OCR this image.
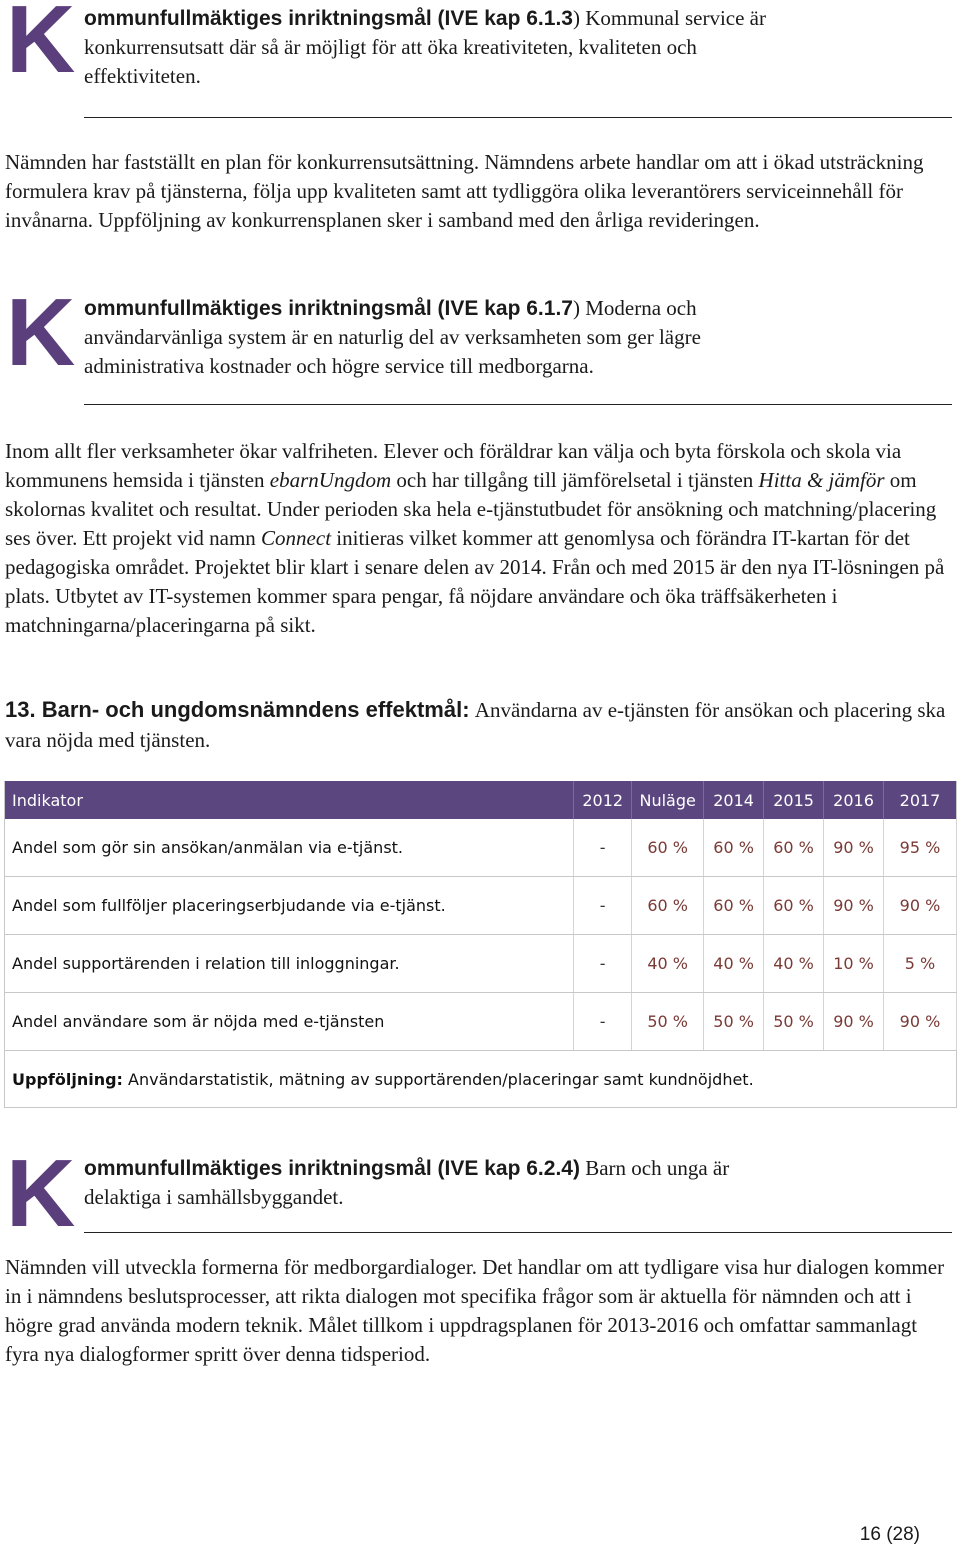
K ommunfullmäktiges inriktningsmål (IVE kap 6.1.3) Kommunal service är
konkurrensutsatt där så är möjligt för att öka kreativiteten, kvaliteten och
effektiviteten.
Nämnden har fastställt en plan för konkurrensutsättning. Nämndens arbete handlar om att i ökad utsträckning formulera krav på tjänsterna, följa upp kvaliteten samt att tydliggöra olika leverantörers serviceinnehåll för invånarna. Uppföljning av konkurrensplanen sker i samband med den årliga revideringen.
K ommunfullmäktiges inriktningsmål (IVE kap 6.1.7) Moderna och
användarvänliga system är en naturlig del av verksamheten som ger lägre
administrativa kostnader och högre service till medborgarna.
Inom allt fler verksamheter ökar valfriheten. Elever och föräldrar kan välja och byta förskola och skola via kommunens hemsida i tjänsten ebarnUngdom och har tillgång till jämförelsetal i tjänsten Hitta & jämför om skolornas kvalitet och resultat. Under perioden ska hela e-tjänstutbudet för ansökning och matchning/placering ses över. Ett projekt vid namn Connect initieras vilket kommer att genomlysa och förändra IT-kartan för det pedagogiska området. Projektet blir klart i senare delen av 2014. Från och med 2015 är den nya IT-lösningen på plats. Utbytet av IT-systemen kommer spara pengar, få nöjdare användare och öka träffsäkerheten i matchningarna/placeringarna på sikt.
13. Barn- och ungdomsnämndens effektmål: Användarna av e-tjänsten för ansökan och placering ska vara nöjda med tjänsten.
Indikator	2012	Nuläge	2014	2015	2016	2017
Andel som gör sin ansökan/anmälan via e-tjänst.	-	60 %	60 %	60 %	90 %	95 %
Andel som fullföljer placeringserbjudande via e-tjänst.	-	60 %	60 %	60 %	90 %	90 %
Andel supportärenden i relation till inloggningar.	-	40 %	40 %	40 %	10 %	5 %
Andel användare som är nöjda med e-tjänsten	-	50 %	50 %	50 %	90 %	90 %
Uppföljning: Användarstatistik, mätning av supportärenden/placeringar samt kundnöjdhet.						
K ommunfullmäktiges inriktningsmål (IVE kap 6.2.4) Barn och unga är
delaktiga i samhällsbyggandet.
Nämnden vill utveckla formerna för medborgardialoger. Det handlar om att tydligare visa hur dialogen kommer in i nämndens beslutsprocesser, att rikta dialogen mot specifika frågor som är aktuella för nämnden och att i högre grad använda modern teknik. Målet tillkom i uppdragsplanen för 2013-2016 och omfattar sammanlagt fyra nya dialogformer spritt över denna tidsperiod.
16 (28)
